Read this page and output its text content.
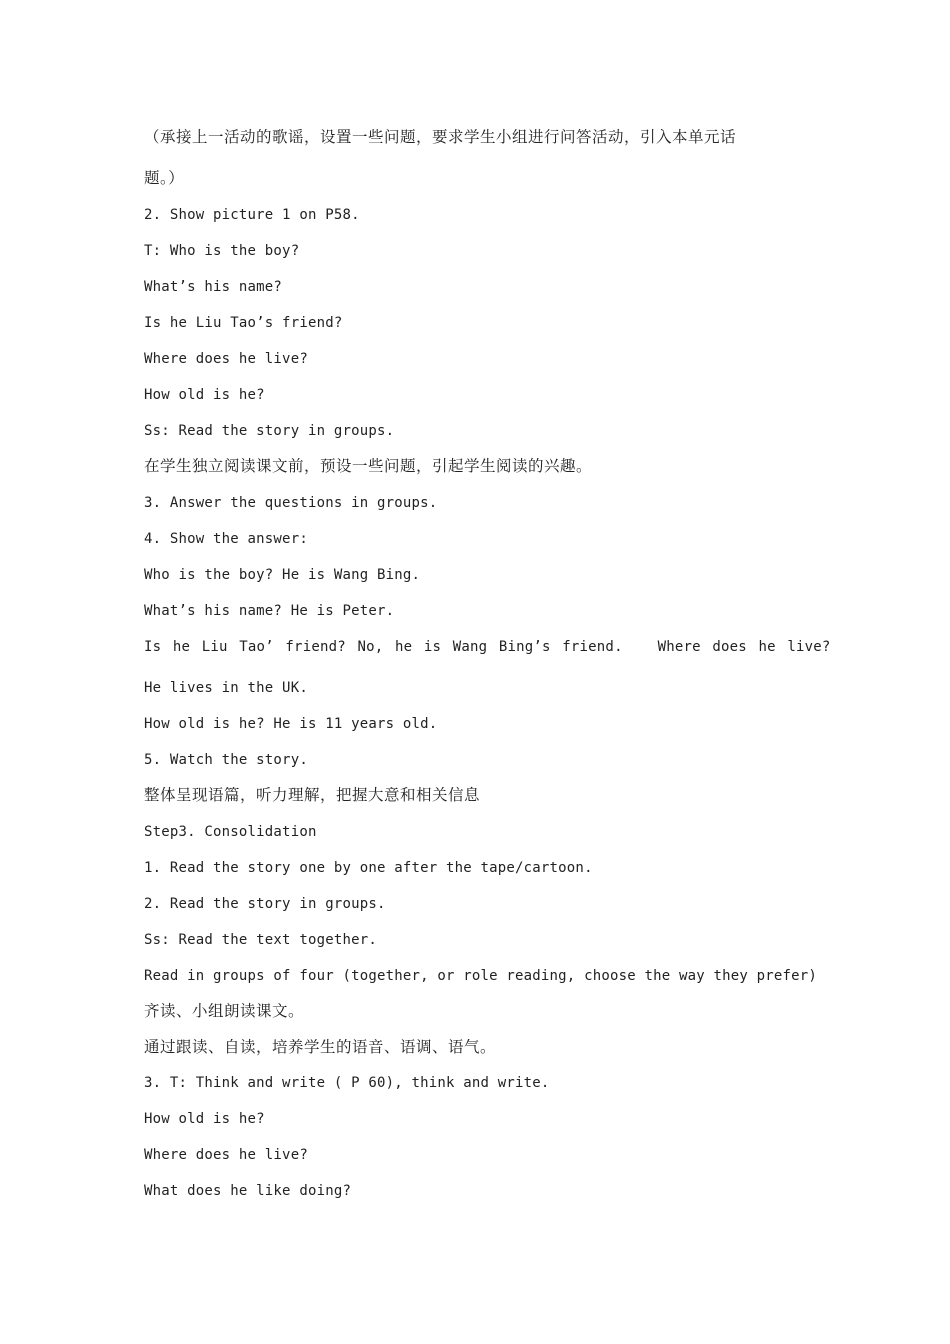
（承接上一活动的歌谣，设置一些问题，要求学生小组进行问答活动，引入本单元话
题。）
2. Show picture 1 on P58.
T: Who is the boy?
What’s his name?
Is he Liu Tao’s friend?
Where does he live?
How old is he?
Ss: Read the story in groups.
在学生独立阅读课文前，预设一些问题，引起学生阅读的兴趣。
3. Answer the questions in groups.
4. Show the answer:
Who is the boy? He is Wang Bing.
What’s his name? He is Peter.
Is he Liu Tao’ friend? No, he is Wang Bing’s friend.   Where does he live?
He lives in the UK.
How old is he? He is 11 years old.
5. Watch the story.
整体呈现语篇，听力理解，把握大意和相关信息
Step3. Consolidation
1. Read the story one by one after the tape/cartoon.
2. Read the story in groups.
Ss: Read the text together.
Read in groups of four (together, or role reading, choose the way they prefer)
齐读、小组朗读课文。
通过跟读、自读，培养学生的语音、语调、语气。
3. T: Think and write ( P 60), think and write.
How old is he?
Where does he live?
What does he like doing?
